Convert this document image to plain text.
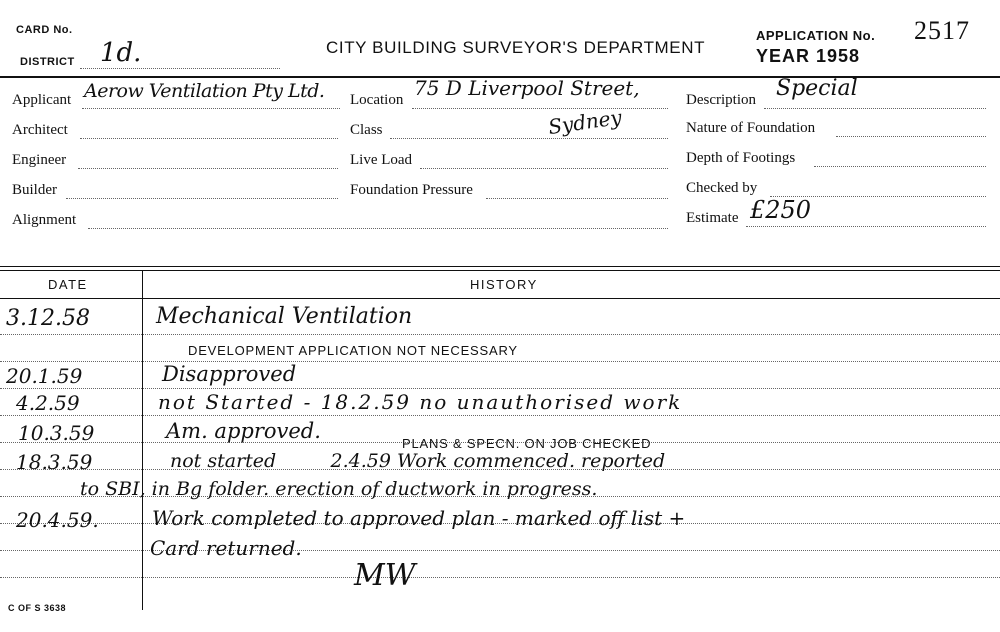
CARD No.
DISTRICT 1d.	CITY BUILDING SURVEYOR'S DEPARTMENT
APPLICATION No. 2517
YEAR 1958
Applicant Aerow Ventilation Pty Ltd.
Architect
Engineer
Builder
Alignment
Location 75 D Liverpool Street,
Sydney
Class
Live Load
Foundation Pressure
Description Special
Nature of Foundation
Depth of Footings
Checked by
Estimate £250
DATE	HISTORY
3.12.58	Mechanical Ventilation
DEVELOPMENT APPLICATION NOT NECESSARY
20.1.59	Disapproved
4.2.59	not Started - 18.2.59 no unauthorised work
10.3.59	Am. approved.
PLANS & SPECN. ON JOB CHECKED
18.3.59	not started         2.4.59 Work commenced. reported
to SBI, in Bg folder. erection of ductwork in progress.
20.4.59.	Work completed to approved plan - marked off list +
Card returned.
MW
C OF S 3638
